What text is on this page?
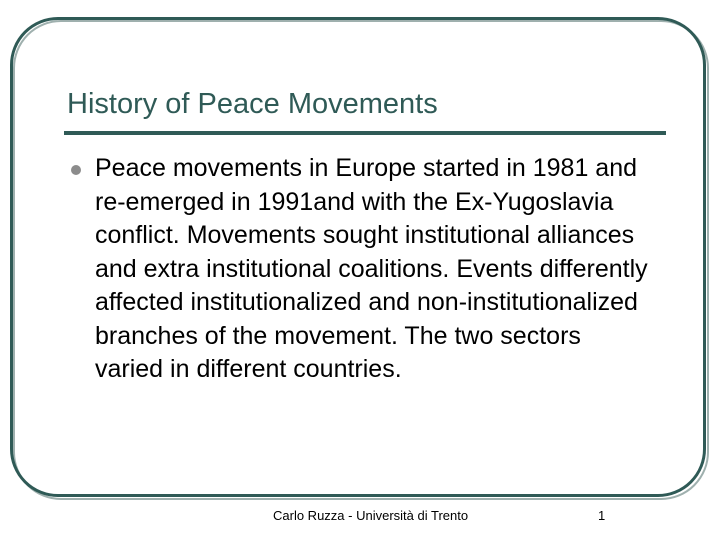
History of Peace Movements
Peace movements in Europe started in 1981 and re-emerged in 1991and with the Ex-Yugoslavia conflict. Movements sought institutional alliances and extra institutional coalitions. Events differently affected institutionalized and non-institutionalized branches of the movement. The two sectors varied in different countries.
Carlo Ruzza - Università di Trento	1
